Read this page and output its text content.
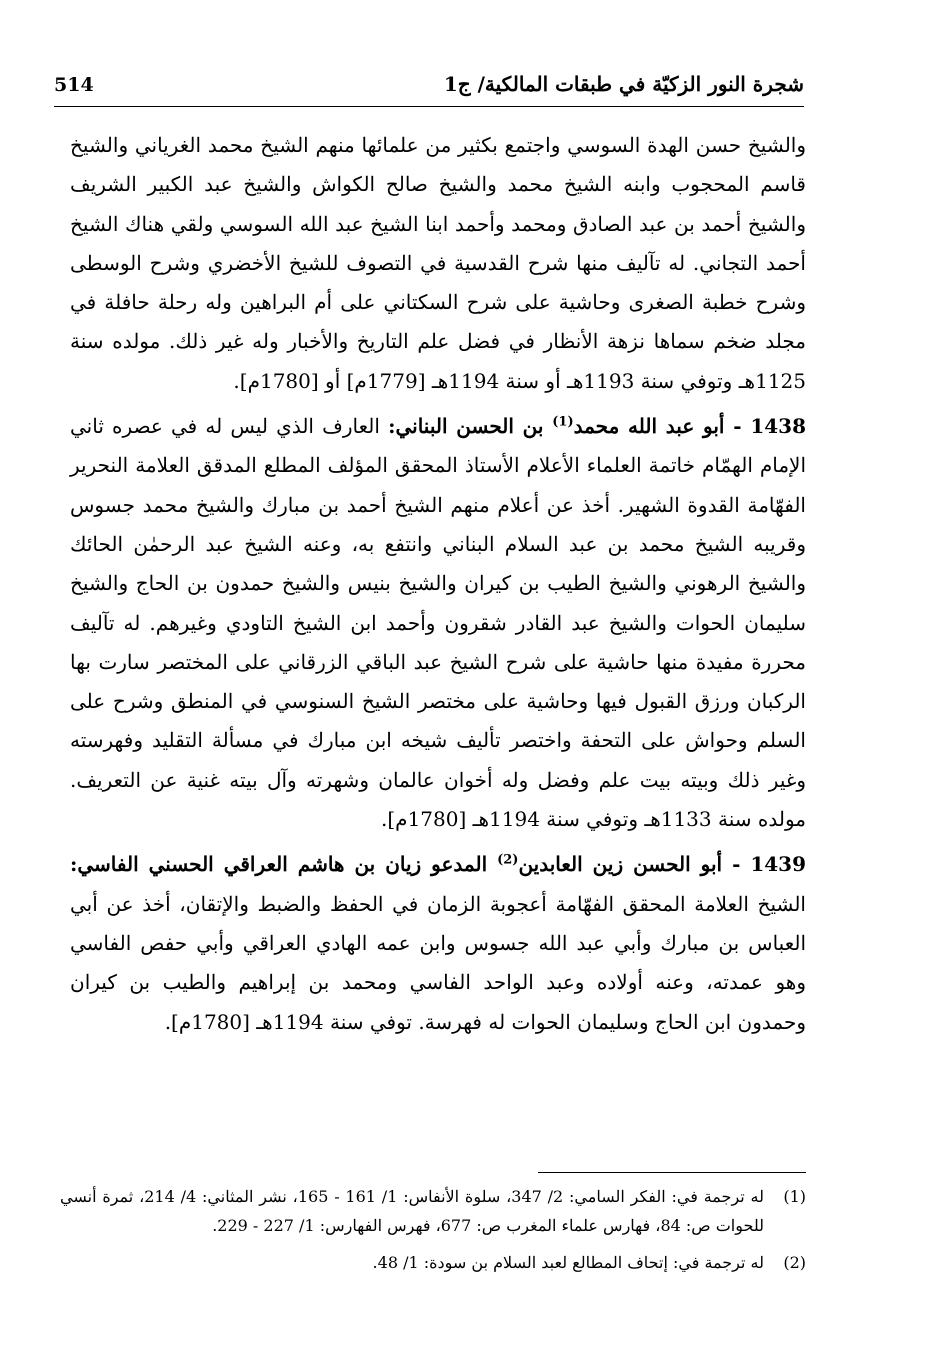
شجرة النور الزكيّة في طبقات المالكية/ ج1
514

والشيخ حسن الهدة السوسي واجتمع بكثير من علمائها منهم الشيخ محمد الغرياني والشيخ قاسم المحجوب وابنه الشيخ محمد والشيخ صالح الكواش والشيخ عبد الكبير الشريف والشيخ أحمد بن عبد الصادق ومحمد وأحمد ابنا الشيخ عبد الله السوسي ولقي هناك الشيخ أحمد التجاني. له تآليف منها شرح القدسية في التصوف للشيخ الأخضري وشرح الوسطى وشرح خطبة الصغرى وحاشية على شرح السكتاني على أم البراهين وله رحلة حافلة في مجلد ضخم سماها نزهة الأنظار في فضل علم التاريخ والأخبار وله غير ذلك. مولده سنة 1125هـ وتوفي سنة 1193هـ أو سنة 1194هـ [1779م] أو [1780م].

1438 - أبو عبد الله محمد$^{(1)}$ بن الحسن البناني: العارف الذي ليس له في عصره ثاني الإمام الهمّام خاتمة العلماء الأعلام الأستاذ المحقق المؤلف المطلع المدقق العلامة النحرير الفهّامة القدوة الشهير. أخذ عن أعلام منهم الشيخ أحمد بن مبارك والشيخ محمد جسوس وقريبه الشيخ محمد بن عبد السلام البناني وانتفع به، وعنه الشيخ عبد الرحمٰن الحائك والشيخ الرهوني والشيخ الطيب بن كيران والشيخ بنيس والشيخ حمدون بن الحاج والشيخ سليمان الحوات والشيخ عبد القادر شقرون وأحمد ابن الشيخ التاودي وغيرهم. له تآليف محررة مفيدة منها حاشية على شرح الشيخ عبد الباقي الزرقاني على المختصر سارت بها الركبان ورزق القبول فيها وحاشية على مختصر الشيخ السنوسي في المنطق وشرح على السلم وحواش على التحفة واختصر تأليف شيخه ابن مبارك في مسألة التقليد وفهرسته وغير ذلك وبيته بيت علم وفضل وله أخوان عالمان وشهرته وآل بيته غنية عن التعريف. مولده سنة 1133هـ وتوفي سنة 1194هـ [1780م].

1439 - أبو الحسن زين العابدين$^{(2)}$ المدعو زيان بن هاشم العراقي الحسني الفاسي: الشيخ العلامة المحقق الفهّامة أعجوبة الزمان في الحفظ والضبط والإتقان، أخذ عن أبي العباس بن مبارك وأبي عبد الله جسوس وابن عمه الهادي العراقي وأبي حفص الفاسي وهو عمدته، وعنه أولاده وعبد الواحد الفاسي ومحمد بن إبراهيم والطيب بن كيران وحمدون ابن الحاج وسليمان الحوات له فهرسة. توفي سنة 1194هـ [1780م].

(1)
له ترجمة في: الفكر السامي: 2/ 347، سلوة الأنفاس: 1/ 161 - 165، نشر المثاني: 4/ 214، ثمرة أنسي للحوات ص: 84، فهارس علماء المغرب ص: 677، فهرس الفهارس: 1/ 227 - 229.
(2)
له ترجمة في: إتحاف المطالع لعبد السلام بن سودة: 1/ 48.
